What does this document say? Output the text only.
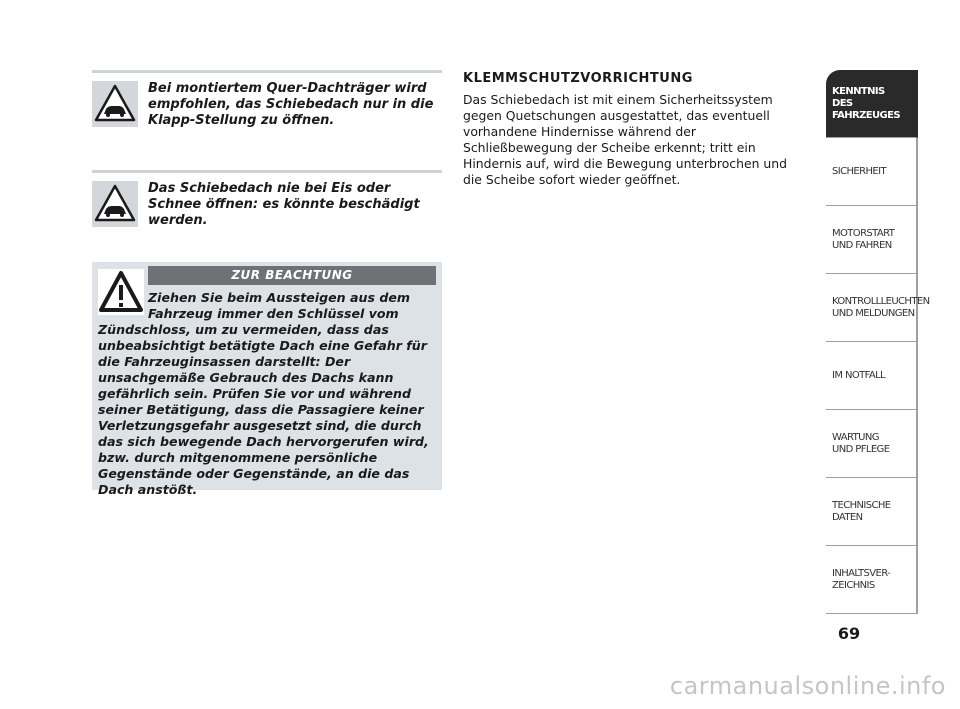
Bei montiertem Quer-Dachträger wird empfohlen, das Schiebedach nur in die Klapp-Stellung zu öffnen.
Das Schiebedach nie bei Eis oder Schnee öffnen: es könnte beschädigt werden.
ZUR BEACHTUNG
Ziehen Sie beim Aussteigen aus dem Fahrzeug immer den Schlüssel vom Zündschloss, um zu vermeiden, dass das unbeabsichtigt betätigte Dach eine Gefahr für die Fahrzeuginsassen darstellt: Der unsachgemäße Gebrauch des Dachs kann gefährlich sein. Prüfen Sie vor und während seiner Betätigung, dass die Passagiere keiner Verletzungsgefahr ausgesetzt sind, die durch das sich bewegende Dach hervorgerufen wird, bzw. durch mitgenommene persönliche Gegenstände oder Gegenstände, an die das Dach anstößt.
KLEMMSCHUTZVORRICHTUNG

Das Schiebedach ist mit einem Sicherheitssystem gegen Quetschungen ausgestattet, das eventuell vorhandene Hindernisse während der Schließbewegung der Scheibe erkennt; tritt ein Hindernis auf, wird die Bewegung unterbrochen und die Scheibe sofort wieder geöffnet.

KENNTNIS
DES FAHRZEUGES
SICHERHEIT
MOTORSTART
UND FAHREN
KONTROLLLEUCHTEN
UND MELDUNGEN
IM NOTFALL
WARTUNG
UND PFLEGE
TECHNISCHE
DATEN
INHALTSVER-
ZEICHNIS
69
carmanualsonline.info
